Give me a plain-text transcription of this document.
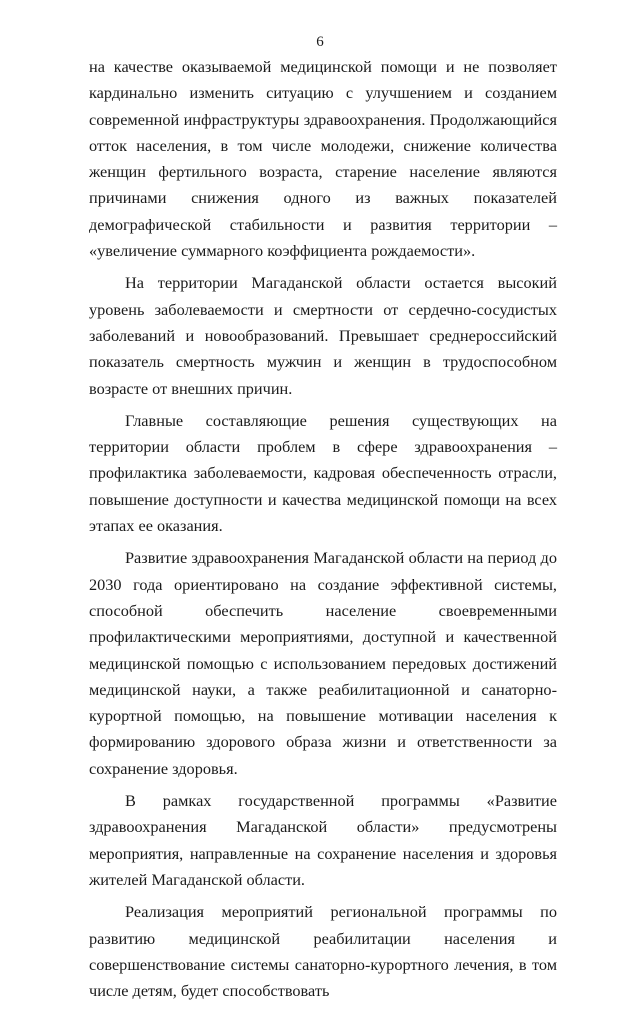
6

на качестве оказываемой медицинской помощи и не позволяет кардинально изменить ситуацию с улучшением и созданием современной инфраструктуры здравоохранения. Продолжающийся отток населения, в том числе молодежи, снижение количества женщин фертильного возраста, старение население являются причинами снижения одного из важных показателей демографической стабильности и развития территории – «увеличение суммарного коэффициента рождаемости».

На территории Магаданской области остается высокий уровень заболеваемости и смертности от сердечно-сосудистых заболеваний и новообразований. Превышает среднероссийский показатель смертность мужчин и женщин в трудоспособном возрасте от внешних причин.

Главные составляющие решения существующих на территории области проблем в сфере здравоохранения – профилактика заболеваемости, кадровая обеспеченность отрасли, повышение доступности и качества медицинской помощи на всех этапах ее оказания.

Развитие здравоохранения Магаданской области на период до 2030 года ориентировано на создание эффективной системы, способной обеспечить население своевременными профилактическими мероприятиями, доступной и качественной медицинской помощью с использованием передовых достижений медицинской науки, а также реабилитационной и санаторно-курортной помощью, на повышение мотивации населения к формированию здорового образа жизни и ответственности за сохранение здоровья.

В рамках государственной программы «Развитие здравоохранения Магаданской области» предусмотрены мероприятия, направленные на сохранение населения и здоровья жителей Магаданской области.

Реализация мероприятий региональной программы по развитию медицинской реабилитации населения и совершенствование системы санаторно-курортного лечения, в том числе детям, будет способствовать
